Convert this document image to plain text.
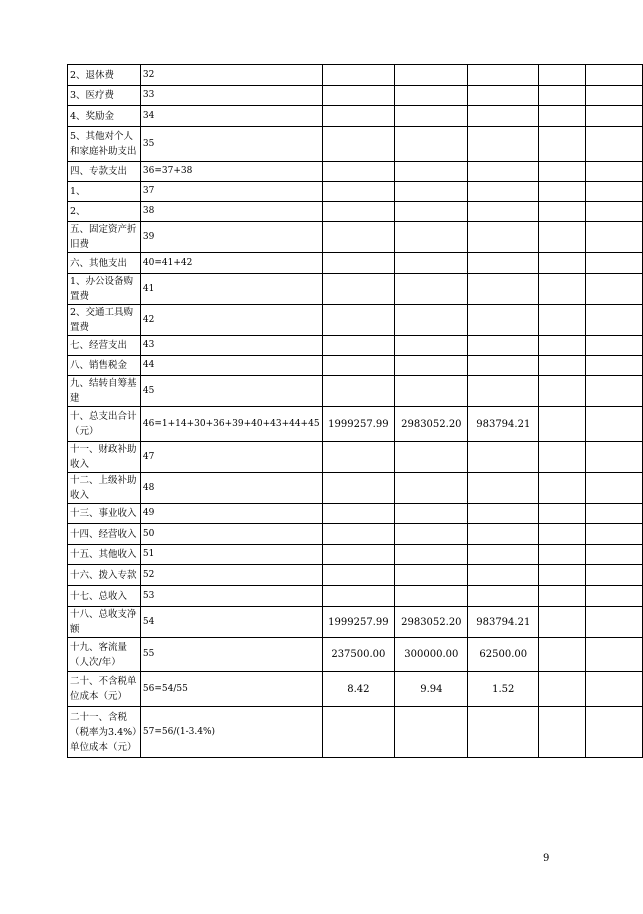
2、退休费	32					
3、医疗费	33					
4、奖励金	34					
5、其他对个人和家庭补助支出	35					
四、专款支出	36=37+38					
1、	37					
2、	38					
五、固定资产折旧费	39					
六、其他支出	40=41+42					
1、办公设备购置费	41					
2、交通工具购置费	42					
七、经营支出	43					
八、销售税金	44					
九、结转自筹基建	45					
十、总支出合计（元）	46=1+14+30+36+39+40+43+44+45	1999257.99	2983052.20	983794.21		
十一、财政补助收入	47					
十二、上级补助收入	48					
十三、事业收入	49					
十四、经营收入	50					
十五、其他收入	51					
十六、拨入专款	52					
十七、总收入	53					
十八、总收支净额	54	1999257.99	2983052.20	983794.21		
十九、客流量（人次/年）	55	237500.00	300000.00	62500.00		
二十、不含税单位成本（元）	56=54/55	8.42	9.94	1.52		
二十一、含税（税率为3.4%）单位成本（元）	57=56/(1-3.4%)					
9
